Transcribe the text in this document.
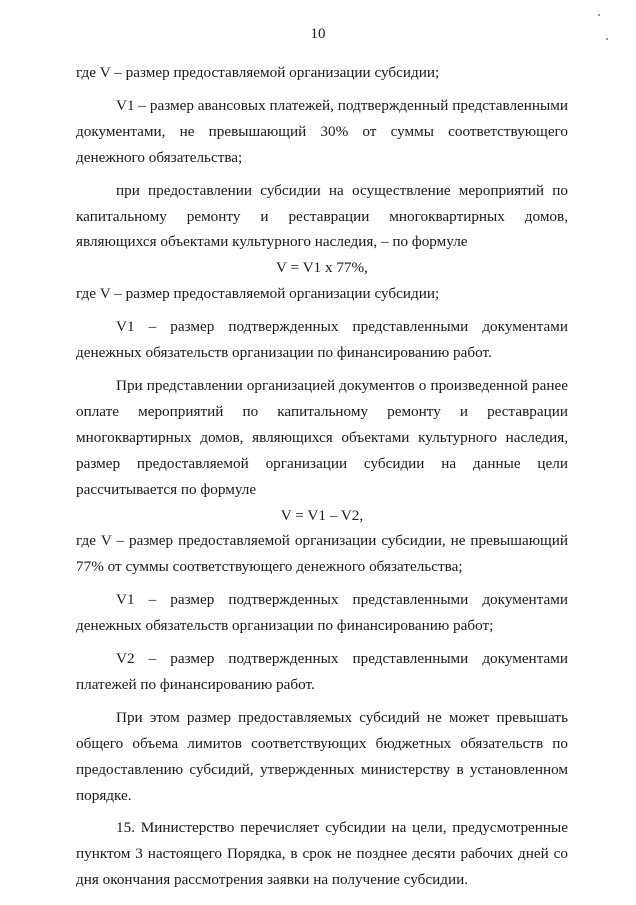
10

где V – размер предоставляемой организации субсидии;

V1 – размер авансовых платежей, подтвержденный представленными документами, не превышающий 30% от суммы соответствующего денежного обязательства;

при предоставлении субсидии на осуществление мероприятий по капитальному ремонту и реставрации многоквартирных домов, являющихся объектами культурного наследия, – по формуле

V = V1 х 77%,

где V – размер предоставляемой организации субсидии;

V1 – размер подтвержденных представленными документами денежных обязательств организации по финансированию работ.

При представлении организацией документов о произведенной ранее оплате мероприятий по капитальному ремонту и реставрации многоквартирных домов, являющихся объектами культурного наследия, размер предоставляемой организации субсидии на данные цели рассчитывается по формуле

V = V1 – V2,

где V – размер предоставляемой организации субсидии, не превышающий 77% от суммы соответствующего денежного обязательства;

V1 – размер подтвержденных представленными документами денежных обязательств организации по финансированию работ;

V2 – размер подтвержденных представленными документами платежей по финансированию работ.

При этом размер предоставляемых субсидий не может превышать общего объема лимитов соответствующих бюджетных обязательств по предоставлению субсидий, утвержденных министерству в установленном порядке.

15. Министерство перечисляет субсидии на цели, предусмотренные пунктом 3 настоящего Порядка, в срок не позднее десяти рабочих дней со дня окончания рассмотрения заявки на получение субсидии.
